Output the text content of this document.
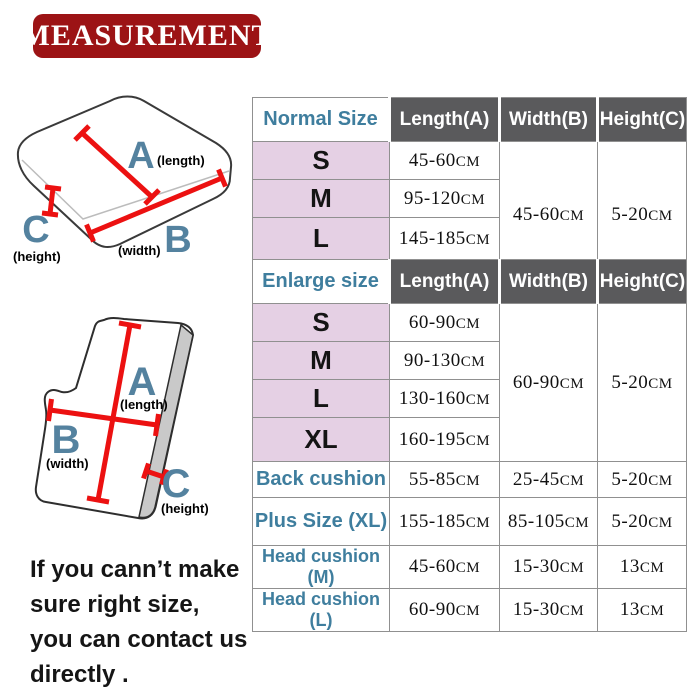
MEASUREMENT
A (length)
B
(width)
C
(height)
A
(length)
B
(width) C
(height)
Normal Size	Length(A)	Width(B)	Height(C)
S	45-60CM	45-60CM	5-20CM
M	95-120CM		
L	145-185CM		
Enlarge size	Length(A)	Width(B)	Height(C)
S	60-90CM	60-90CM	5-20CM
M	90-130CM		
L	130-160CM		
XL	160-195CM		
Back cushion	55-85CM	25-45CM	5-20CM
Plus Size (XL)	155-185CM	85-105CM	5-20CM
Head cushion (M)	45-60CM	15-30CM	13CM
Head cushion (L)	60-90CM	15-30CM	13CM
If you cann’t make
sure right size,
you can contact us
directly .
